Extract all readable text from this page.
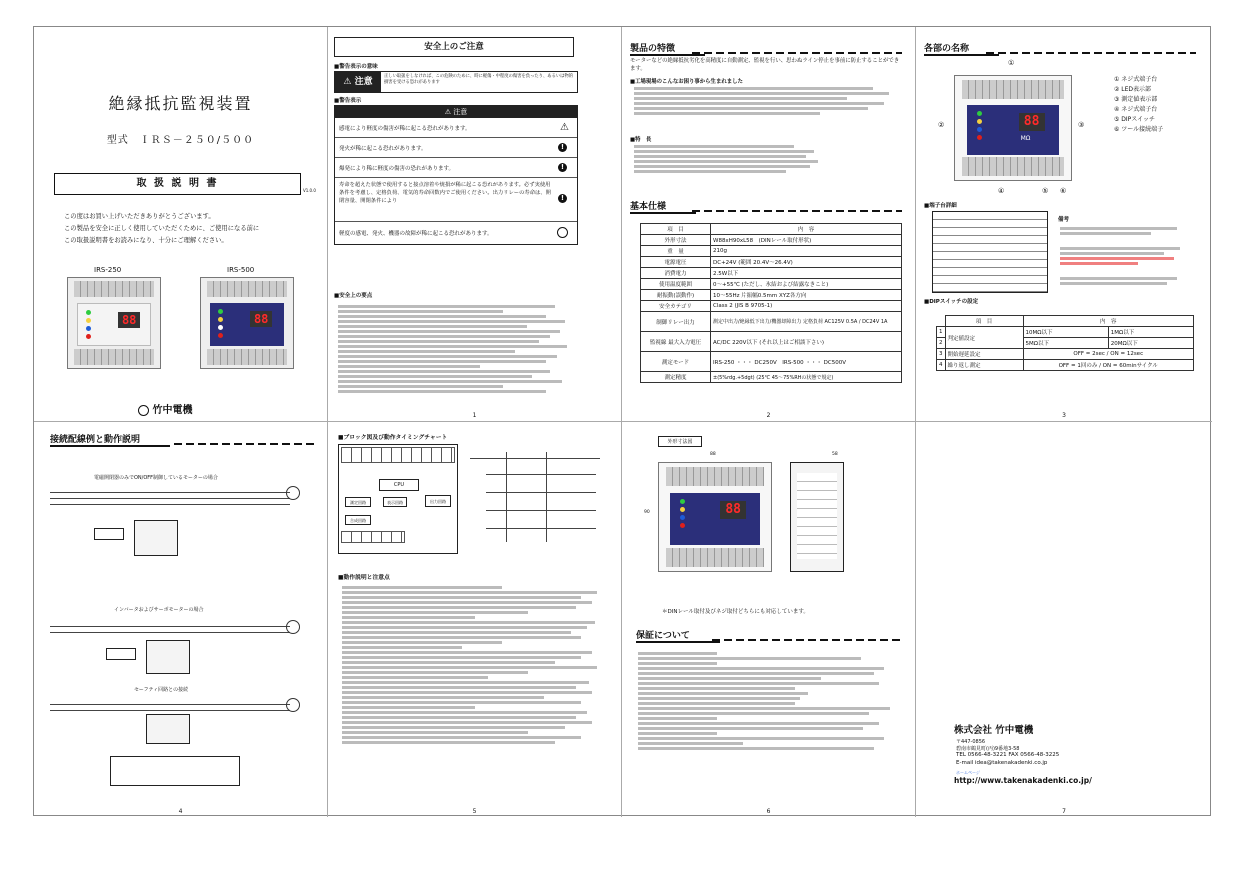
絶縁抵抗監視装置
型式　ＩＲＳ－２５０/５００
取 扱 説 明 書
V1.0.0
この度はお買い上げいただきありがとうございます。
この製品を安全に正しく使用していただくために、ご使用になる前に
この取扱説明書をお読みになり、十分にご理解ください。
IRS-250	IRS-500
88	88
竹中電機
安全上のご注意
■警告表示の意味
⚠ 注意
正しい取扱をしなければ、この危険のために、時に軽傷・中程度の傷害を負ったり、あるいは物的損害を受ける恐れがあります
■警告表示
⚠ 注意
感電により軽度の傷害が稀に起こる恐れがあります。	⚠
発火が稀に起こる恐れがあります。	!
爆発により稀に軽度の傷害の恐れがあります。	!
寿命を超えた状態で使用すると接点溶着や焼損が稀に起こる恐れがあります。必ず実使用条件を考慮し、定格負荷、電気的寿命回数内でご使用ください。出力リレーの寿命は、開閉容量、開閉条件により	!
軽度の感電、発火、機器の故障が稀に起こる恐れがあります。
■安全上の要点
1
製品の特徴
モーターなどの絶縁抵抗劣化を高精度に自動測定、監視を行い、思わぬライン停止を事前に防止することができます。
■工場現場のこんなお困り事から生まれました
■特　長
基本仕様
項　目	内　容
外形寸法	W88xH90xL58　(DINレール取付形状)
重　量	210g
電源電圧	DC+24V (範囲 20.4V～26.4V)
消費電力	2.5W以下
使用温度範囲	0～+55℃ (ただし、氷結および結露なきこと)
耐振動(誤動作)	10～55Hz 片振幅0.5mm XYZ各方向
安全カテゴリ	Class 2 (JIS B 9705-1)
制御リレー出力	測定中出力/絶縁低下出力/機器却障出力 定格負荷 AC125V 0.5A / DC24V 1A
監視線 最大入力電圧	AC/DC 220V以下 (それ以上はご相談下さい)
測定モード	IRS-250 ・・・ DC250V　IRS-500 ・・・ DC500V
測定精度	±(5%rdg.+5dgt) (25℃ 45～75%RHの状態で規定)
2
各部の名称
88
MΩ
①
②	③
④	⑤ ⑥
① ネジ式端子台
② LED表示部
③ 測定値表示部
④ ネジ式端子台
⑤ DIPスイッチ
⑥ ツール接続端子
■端子台詳細
備考
■DIPスイッチの設定
	項　目	内　容	
1	判定値設定	10MΩ以下	1MΩ以下
2		5MΩ以下	20MΩ以下
3	開始遅延設定	OFF = 2sec / ON = 12sec	
4	繰り返し測定	OFF = 1回のみ / ON = 60minサイクル	
3
接続配線例と動作説明
電磁開閉器のみでON/OFF制御しているモーターの場合
インバータおよびサーボモーターの場合
セーフティ回路との接続
4
■ブロック図及び動作タイミングチャート
CPU
測定回路	表示回路	出力回路
合成回路
■動作説明と注意点
5
外形寸法図
88	58
90	88
＊DINレール取付及びネジ取付どちらにも対応しています。
保証について
6
株式会社 竹中電機
〒447-0856
碧南市鶴見町(丙)9番地3-58
TEL 0566-48-3221 FAX 0566-48-3225
E-mail idea@takenakadenki.co.jp
ホームページ
http://www.takenakadenki.co.jp/
7
